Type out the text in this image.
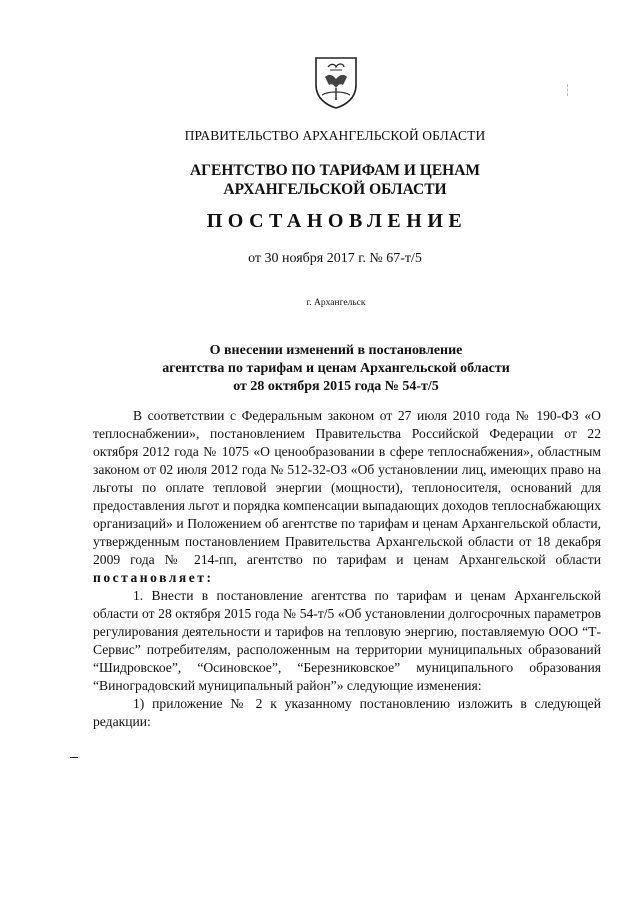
ПРАВИТЕЛЬСТВО АРХАНГЕЛЬСКОЙ ОБЛАСТИ
АГЕНТСТВО ПО ТАРИФАМ И ЦЕНАМ
АРХАНГЕЛЬСКОЙ ОБЛАСТИ
ПОСТАНОВЛЕНИЕ
от 30 ноября 2017 г. № 67-т/5
г. Архангельск
О внесении изменений в постановление
агентства по тарифам и ценам Архангельской области
от 28 октября 2015 года № 54-т/5

В соответствии с Федеральным законом от 27 июля 2010 года № 190-ФЗ «О теплоснабжении», постановлением Правительства Российской Федерации от 22 октября 2012 года № 1075 «О ценообразовании в сфере теплоснабжения», областным законом от 02 июля 2012 года № 512-32-ОЗ «Об установлении лиц, имеющих право на льготы по оплате тепловой энергии (мощности), теплоносителя, оснований для предоставления льгот и порядка компенсации выпадающих доходов теплоснабжающих организаций» и Положением об агентстве по тарифам и ценам Архангельской области, утвержденным постановлением Правительства Архангельской области от 18 декабря 2009 года № 214-пп, агентство по тарифам и ценам Архангельской области постановляет:

1. Внести в постановление агентства по тарифам и ценам Архангельской области от 28 октября 2015 года № 54-т/5 «Об установлении долгосрочных параметров регулирования деятельности и тарифов на тепловую энергию, поставляемую ООО “Т-Сервис” потребителям, расположенным на территории муниципальных образований “Шидровское”, “Осиновское”, “Березниковское” муниципального образования “Виноградовский муниципальный район”» следующие изменения:

1) приложение № 2 к указанному постановлению изложить в следующей редакции:
